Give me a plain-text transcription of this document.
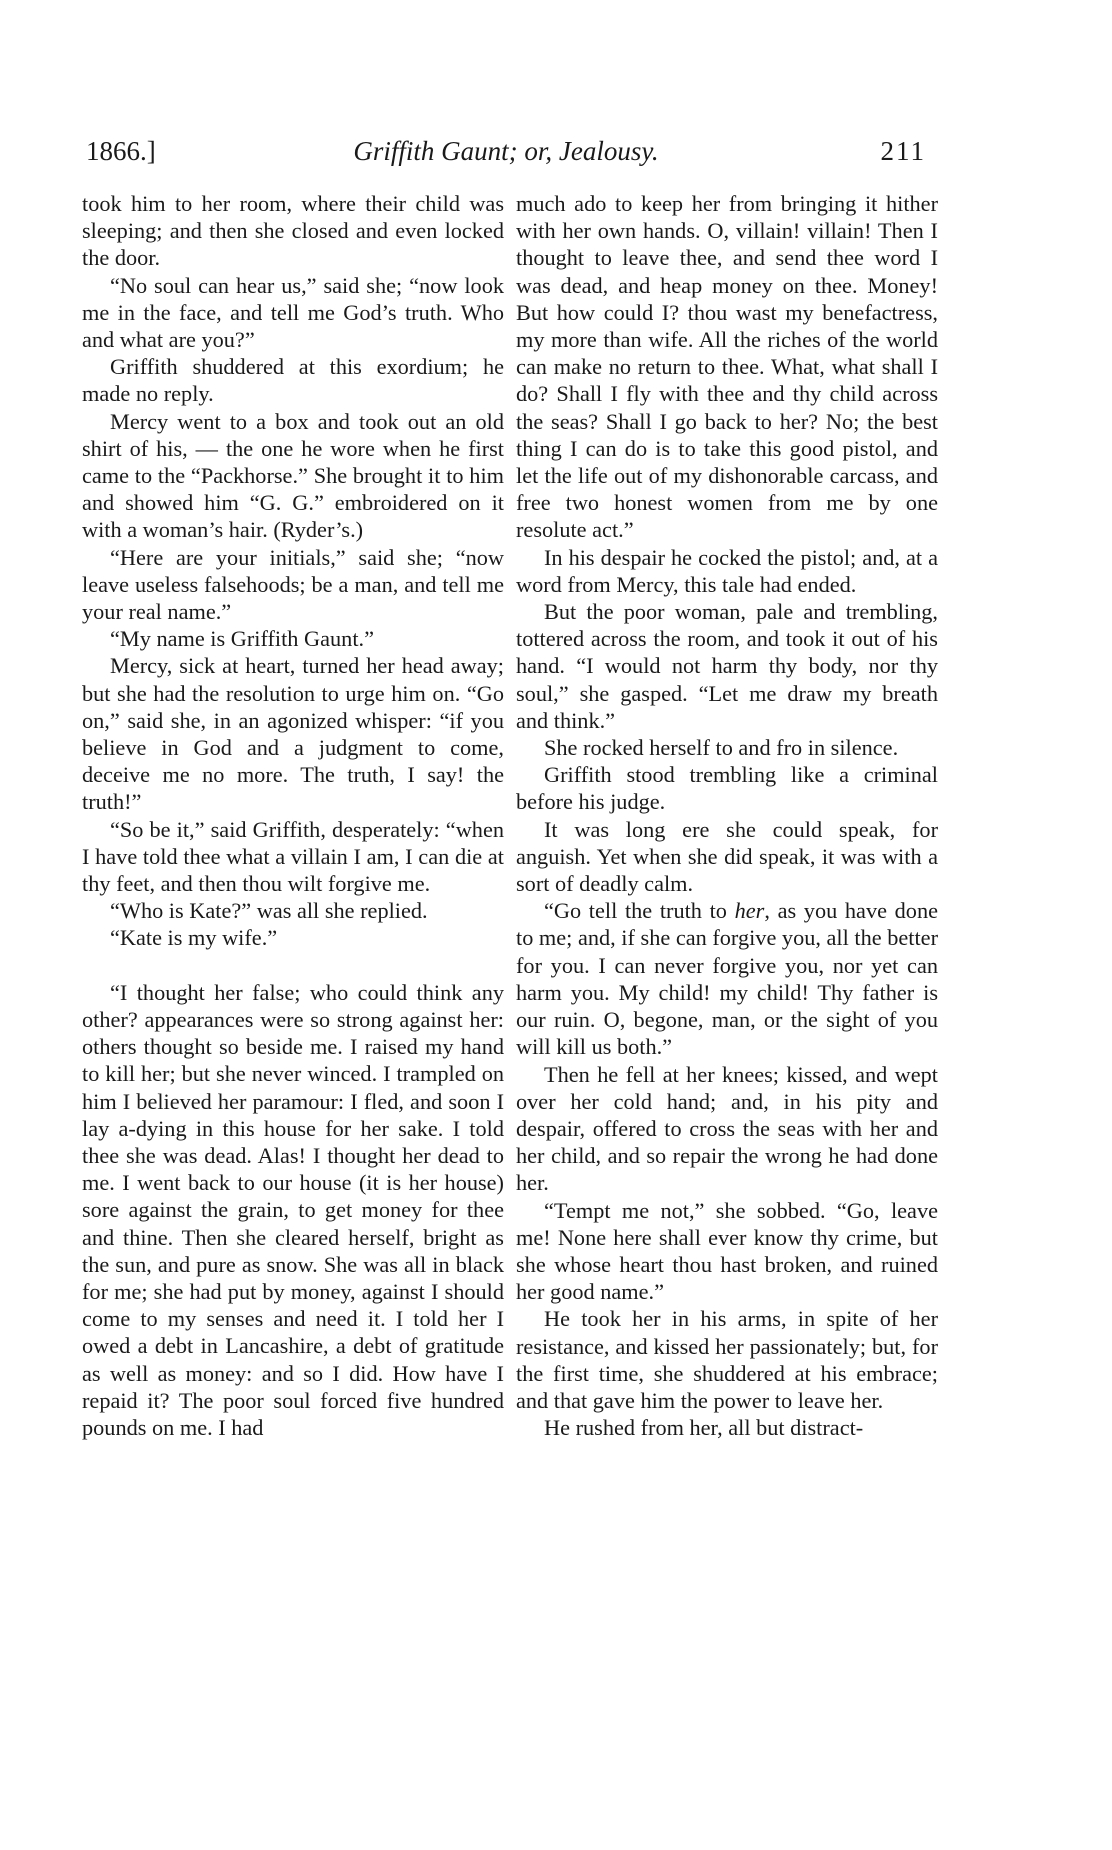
1866.]	Griffith Gaunt; or, Jealousy.	211

took him to her room, where their child was sleeping; and then she closed and even locked the door.

“No soul can hear us,” said she; “now look me in the face, and tell me God’s truth. Who and what are you?”

Griffith shuddered at this exordium; he made no reply.

Mercy went to a box and took out an old shirt of his, — the one he wore when he first came to the “Packhorse.” She brought it to him and showed him “G. G.” embroidered on it with a woman’s hair. (Ryder’s.)

“Here are your initials,” said she; “now leave useless falsehoods; be a man, and tell me your real name.”

“My name is Griffith Gaunt.”

Mercy, sick at heart, turned her head away; but she had the resolution to urge him on. “Go on,” said she, in an agonized whisper: “if you believe in God and a judgment to come, deceive me no more. The truth, I say! the truth!”

“So be it,” said Griffith, desperately: “when I have told thee what a villain I am, I can die at thy feet, and then thou wilt forgive me.

“Who is Kate?” was all she replied.

“Kate is my wife.”

“I thought her false; who could think any other? appearances were so strong against her: others thought so beside me. I raised my hand to kill her; but she never winced. I trampled on him I believed her paramour: I fled, and soon I lay a-dying in this house for her sake. I told thee she was dead. Alas! I thought her dead to me. I went back to our house (it is her house) sore against the grain, to get money for thee and thine. Then she cleared herself, bright as the sun, and pure as snow. She was all in black for me; she had put by money, against I should come to my senses and need it. I told her I owed a debt in Lancashire, a debt of gratitude as well as money: and so I did. How have I repaid it? The poor soul forced five hundred pounds on me. I had

much ado to keep her from bringing it hither with her own hands. O, villain! villain! Then I thought to leave thee, and send thee word I was dead, and heap money on thee. Money! But how could I? thou wast my benefactress, my more than wife. All the riches of the world can make no return to thee. What, what shall I do? Shall I fly with thee and thy child across the seas? Shall I go back to her? No; the best thing I can do is to take this good pistol, and let the life out of my dishonorable carcass, and free two honest women from me by one resolute act.”

In his despair he cocked the pistol; and, at a word from Mercy, this tale had ended.

But the poor woman, pale and trembling, tottered across the room, and took it out of his hand. “I would not harm thy body, nor thy soul,” she gasped. “Let me draw my breath and think.”

She rocked herself to and fro in silence.

Griffith stood trembling like a criminal before his judge.

It was long ere she could speak, for anguish. Yet when she did speak, it was with a sort of deadly calm.

“Go tell the truth to her, as you have done to me; and, if she can forgive you, all the better for you. I can never forgive you, nor yet can harm you. My child! my child! Thy father is our ruin. O, begone, man, or the sight of you will kill us both.”

Then he fell at her knees; kissed, and wept over her cold hand; and, in his pity and despair, offered to cross the seas with her and her child, and so repair the wrong he had done her.

“Tempt me not,” she sobbed. “Go, leave me! None here shall ever know thy crime, but she whose heart thou hast broken, and ruined her good name.”

He took her in his arms, in spite of her resistance, and kissed her passionately; but, for the first time, she shuddered at his embrace; and that gave him the power to leave her.

He rushed from her, all but distract-
